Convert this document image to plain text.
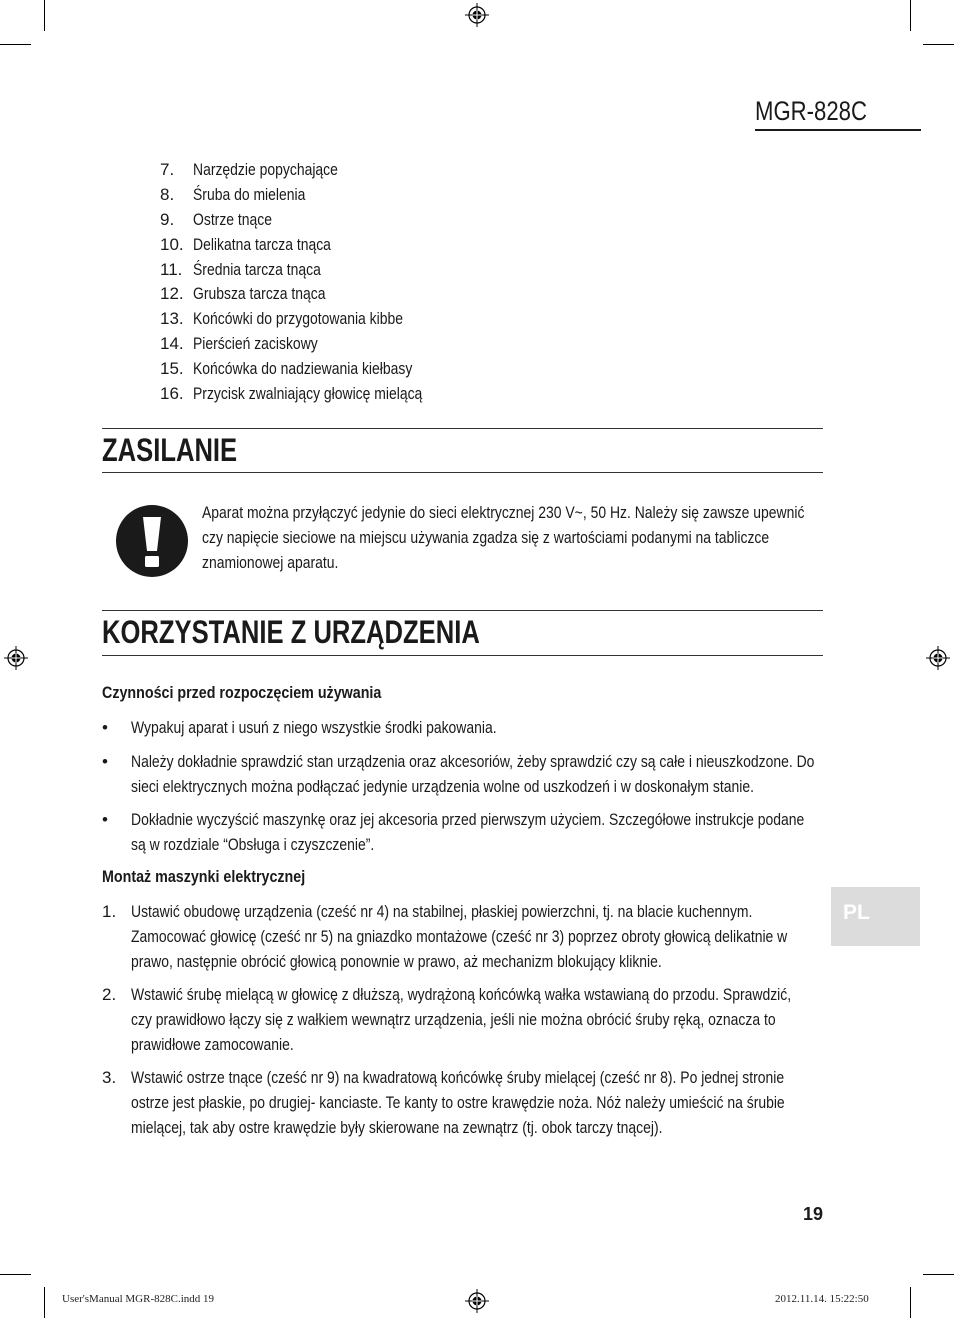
MGR-828C
7.	Narzędzie popychające
8.	Śruba do mielenia
9.	Ostrze tnące
10. Delikatna tarcza tnąca
11. Średnia tarcza tnąca
12. Grubsza tarcza tnąca
13. Końcówki do przygotowania kibbe
14. Pierścień zaciskowy
15. Końcówka do nadziewania kiełbasy
16. Przycisk zwalniający głowicę mielącą
ZASILANIE
Aparat można przyłączyć jedynie do sieci elektrycznej 230 V~, 50 Hz. Należy się zawsze upewnić
czy napięcie sieciowe na miejscu używania zgadza się z wartościami podanymi na tabliczce
znamionowej aparatu.
KORZYSTANIE Z URZĄDZENIA
Czynności przed rozpoczęciem używania
• Wypakuj aparat i usuń z niego wszystkie środki pakowania.
• Należy dokładnie sprawdzić stan urządzenia oraz akcesoriów, żeby sprawdzić czy są całe i nieuszkodzone. Do
sieci elektrycznych można podłączać jedynie urządzenia wolne od uszkodzeń i w doskonałym stanie.
• Dokładnie wyczyścić maszynkę oraz jej akcesoria przed pierwszym użyciem. Szczegółowe instrukcje podane
są w rozdziale “Obsługa i czyszczenie”.
Montaż maszynki elektrycznej
1. Ustawić obudowę urządzenia (cześć nr 4) na stabilnej, płaskiej powierzchni, tj. na blacie kuchennym.
Zamocować głowicę (cześć nr 5) na gniazdko montażowe (cześć nr 3) poprzez obroty głowicą delikatnie w
prawo, następnie obrócić głowicą ponownie w prawo, aż mechanizm blokujący kliknie.
2. Wstawić śrubę mielącą w głowicę z dłuższą, wydrążoną końcówką wałka wstawianą do przodu. Sprawdzić,
czy prawidłowo łączy się z wałkiem wewnątrz urządzenia, jeśli nie można obrócić śruby ręką, oznacza to
prawidłowe zamocowanie.
3. Wstawić ostrze tnące (cześć nr 9) na kwadratową końcówkę śruby mielącej (cześć nr 8). Po jednej stronie
ostrze jest płaskie, po drugiej- kanciaste. Te kanty to ostre krawędzie noża. Nóż należy umieścić na śrubie
mielącej, tak aby ostre krawędzie były skierowane na zewnątrz (tj. obok tarczy tnącej).
PL
19
User'sManual MGR-828C.indd 19	2012.11.14. 15:22:50
